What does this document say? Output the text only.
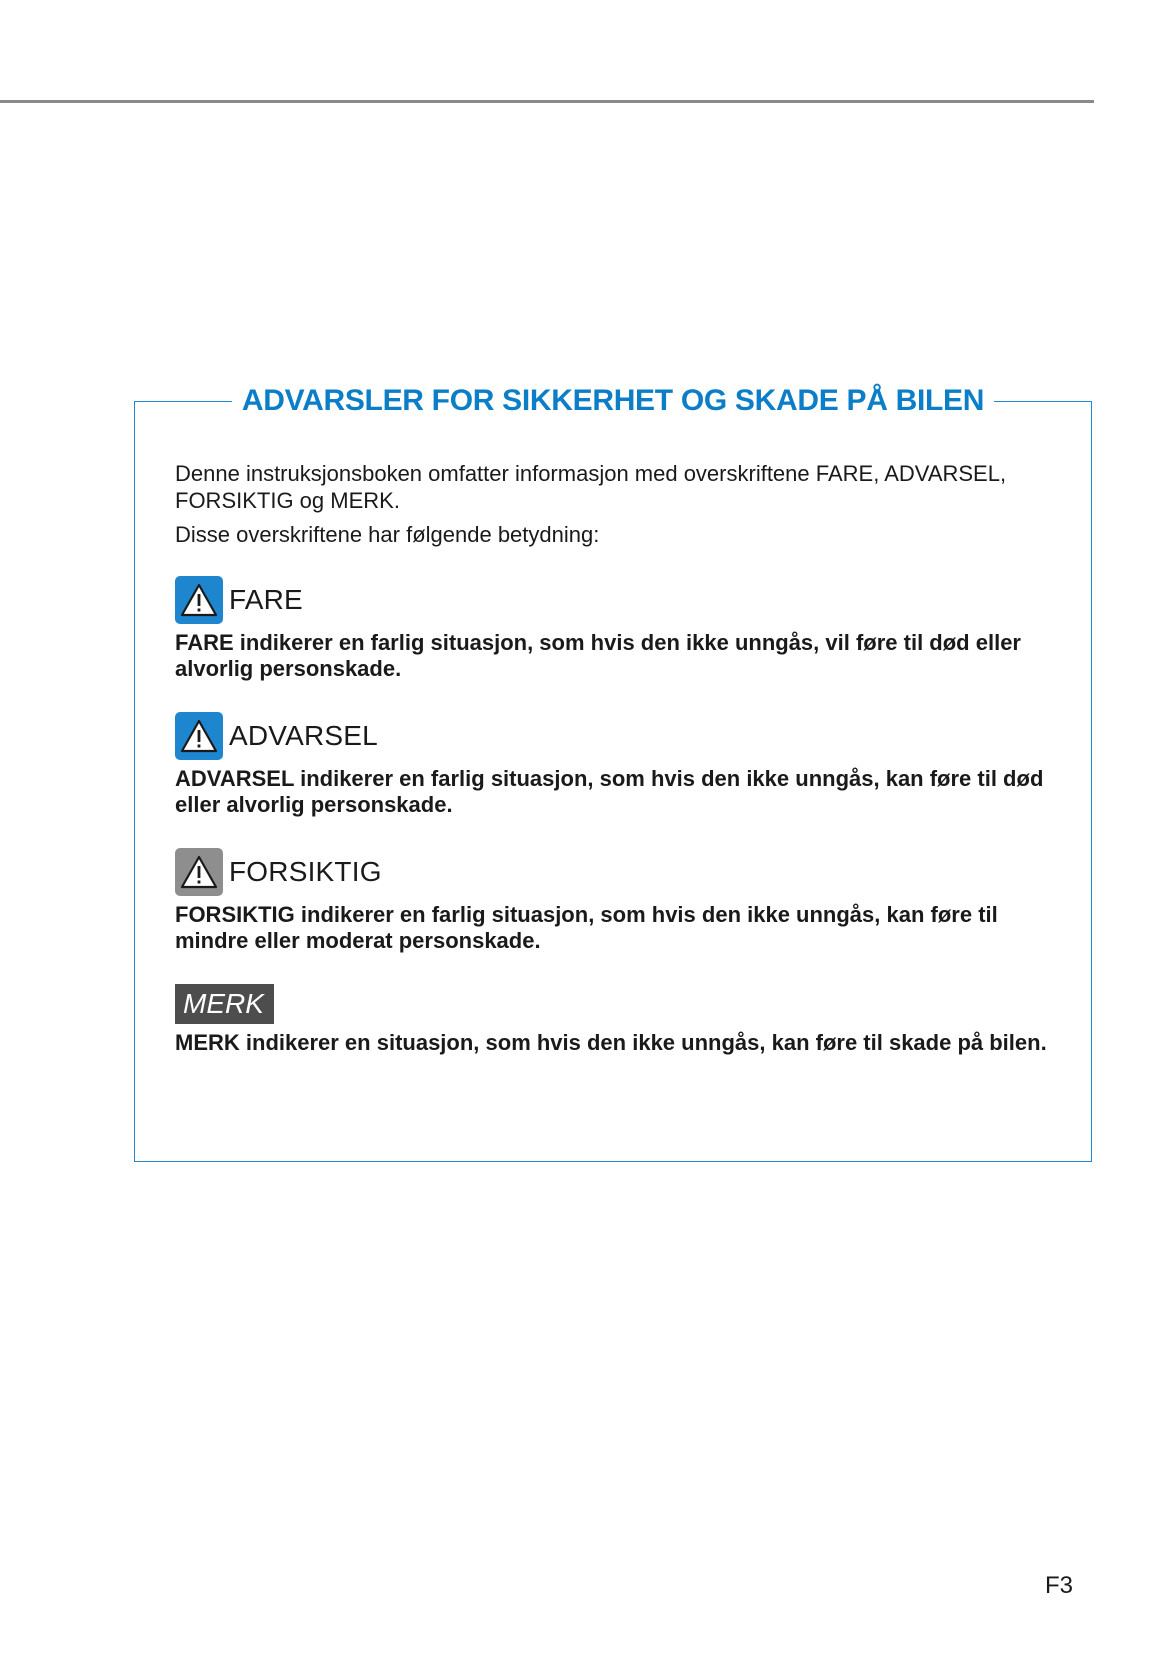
ADVARSLER FOR SIKKERHET OG SKADE PÅ BILEN

Denne instruksjonsboken omfatter informasjon med overskriftene FARE, ADVARSEL, FORSIKTIG og MERK.

Disse overskriftene har følgende betydning:

FARE

FARE indikerer en farlig situasjon, som hvis den ikke unngås, vil føre til død eller alvorlig personskade.

ADVARSEL

ADVARSEL indikerer en farlig situasjon, som hvis den ikke unngås, kan føre til død eller alvorlig personskade.

FORSIKTIG

FORSIKTIG indikerer en farlig situasjon, som hvis den ikke unngås, kan føre til mindre eller moderat personskade.

MERK

MERK indikerer en situasjon, som hvis den ikke unngås, kan føre til skade på bilen.

F3
